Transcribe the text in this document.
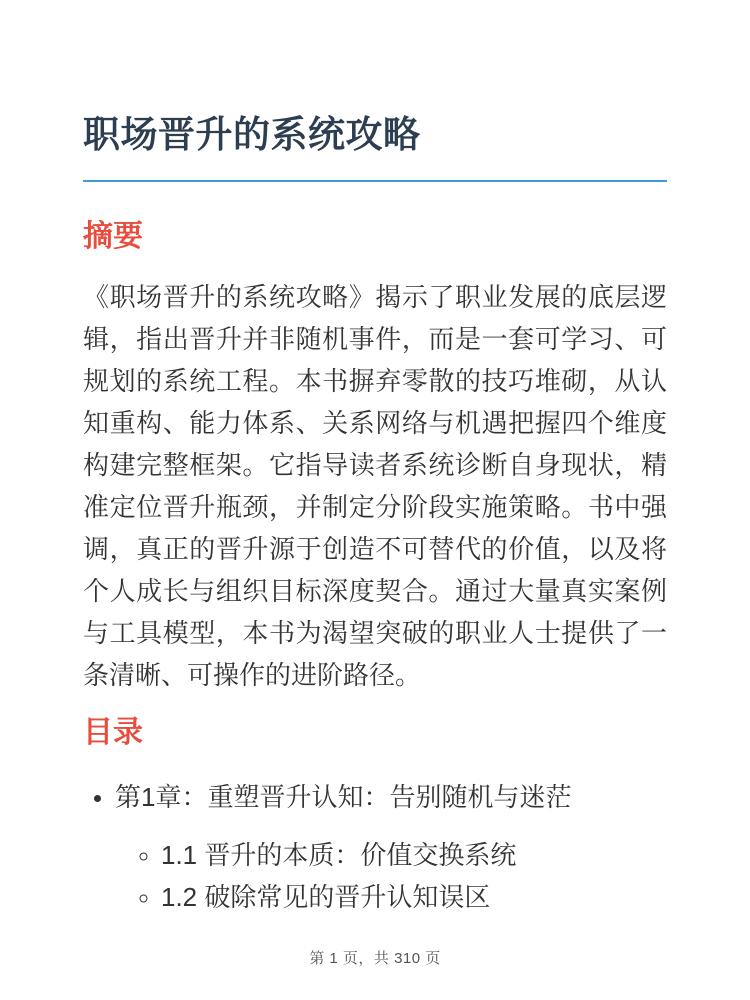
职场晋升的系统攻略
摘要

《职场晋升的系统攻略》揭示了职业发展的底层逻辑，指出晋升并非随机事件，而是一套可学习、可规划的系统工程。本书摒弃零散的技巧堆砌，从认知重构、能力体系、关系网络与机遇把握四个维度构建完整框架。它指导读者系统诊断自身现状，精准定位晋升瓶颈，并制定分阶段实施策略。书中强调，真正的晋升源于创造不可替代的价值，以及将个人成长与组织目标深度契合。通过大量真实案例与工具模型，本书为渴望突破的职业人士提供了一条清晰、可操作的进阶路径。

目录
• 第1章：重塑晋升认知：告别随机与迷茫
◦ 1.1 晋升的本质：价值交换系统
◦ 1.2 破除常见的晋升认知误区
第 1 页，共 310 页
